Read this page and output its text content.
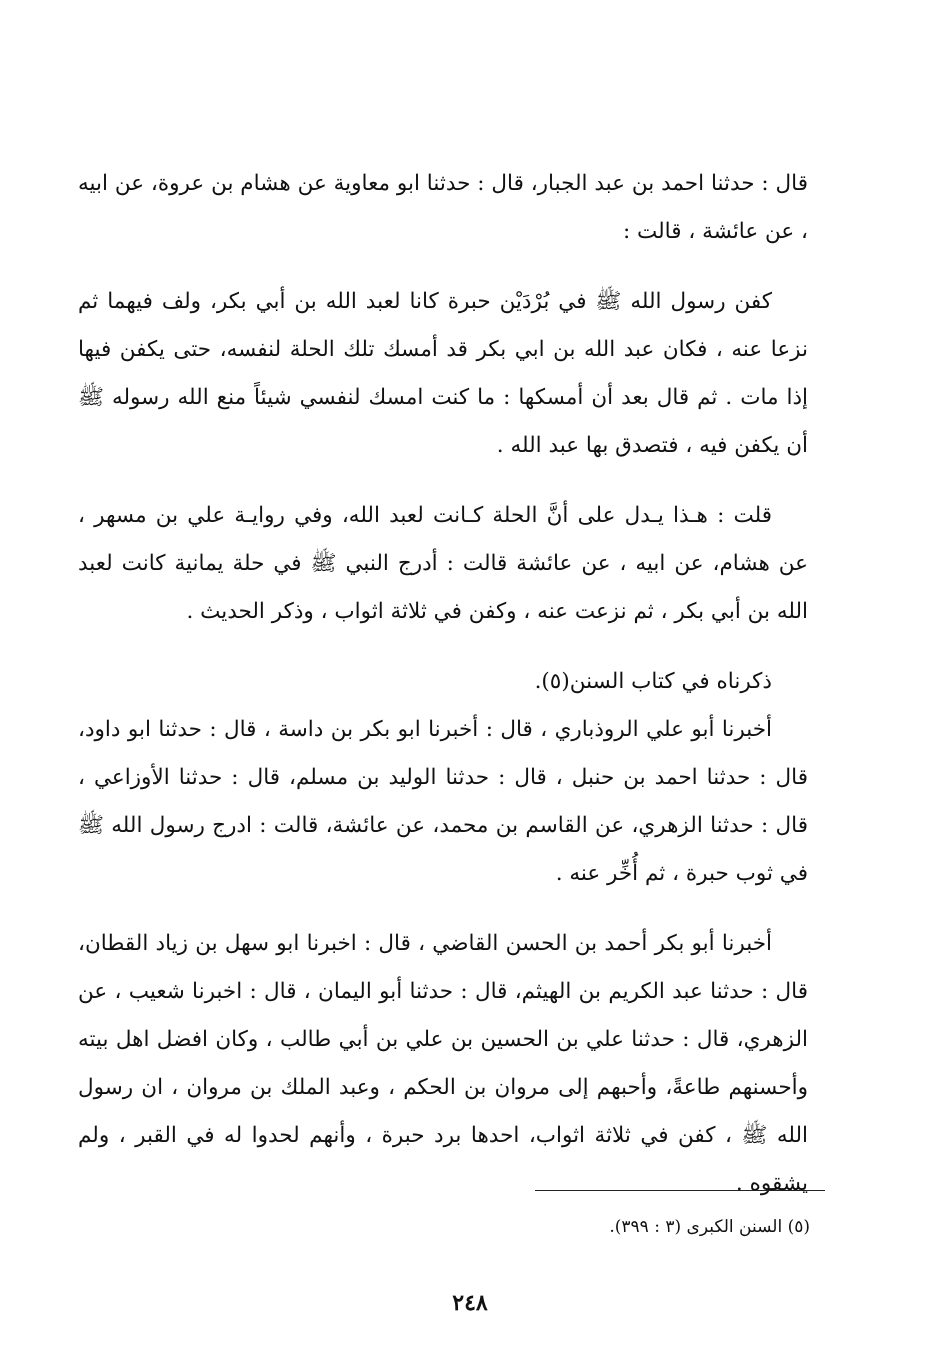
قال : حدثنا احمد بن عبد الجبار، قال : حدثنا ابو معاوية عن هشام بن عروة، عن ابيه ، عن عائشة ، قالت :

كفن رسول الله ﷺ في بُرْدَيْن حبرة كانا لعبد الله بن أبي بكر، ولف فيهما ثم نزعا عنه ، فكان عبد الله بن ابي بكر قد أمسك تلك الحلة لنفسه، حتى يكفن فيها إذا مات . ثم قال بعد أن أمسكها : ما كنت امسك لنفسي شيئاً منع الله رسوله ﷺ أن يكفن فيه ، فتصدق بها عبد الله .

قلت : هـذا يـدل على أنَّ الحلة كـانت لعبد الله، وفي روايـة علي بن مسهر ، عن هشام، عن ابيه ، عن عائشة قالت : أدرج النبي ﷺ في حلة يمانية كانت لعبد الله بن أبي بكر ، ثم نزعت عنه ، وكفن في ثلاثة اثواب ، وذكر الحديث .

ذكرناه في كتاب السنن(٥).

أخبرنا أبو علي الروذباري ، قال : أخبرنا ابو بكر بن داسة ، قال : حدثنا ابو داود، قال : حدثنا احمد بن حنبل ، قال : حدثنا الوليد بن مسلم، قال : حدثنا الأوزاعي ، قال : حدثنا الزهري، عن القاسم بن محمد، عن عائشة، قالت : ادرج رسول الله ﷺ في ثوب حبرة ، ثم أُخِّر عنه .

أخبرنا أبو بكر أحمد بن الحسن القاضي ، قال : اخبرنا ابو سهل بن زياد القطان، قال : حدثنا عبد الكريم بن الهيثم، قال : حدثنا أبو اليمان ، قال : اخبرنا شعيب ، عن الزهري، قال : حدثنا علي بن الحسين بن علي بن أبي طالب ، وكان افضل اهل بيته وأحسنهم طاعةً، وأحبهم إلى مروان بن الحكم ، وعبد الملك بن مروان ، ان رسول الله ﷺ ، كفن في ثلاثة اثواب، احدها برد حبرة ، وأنهم لحدوا له في القبر ، ولم يشقوه .

(٥) السنن الكبرى (٣ : ٣٩٩).
٢٤٨
